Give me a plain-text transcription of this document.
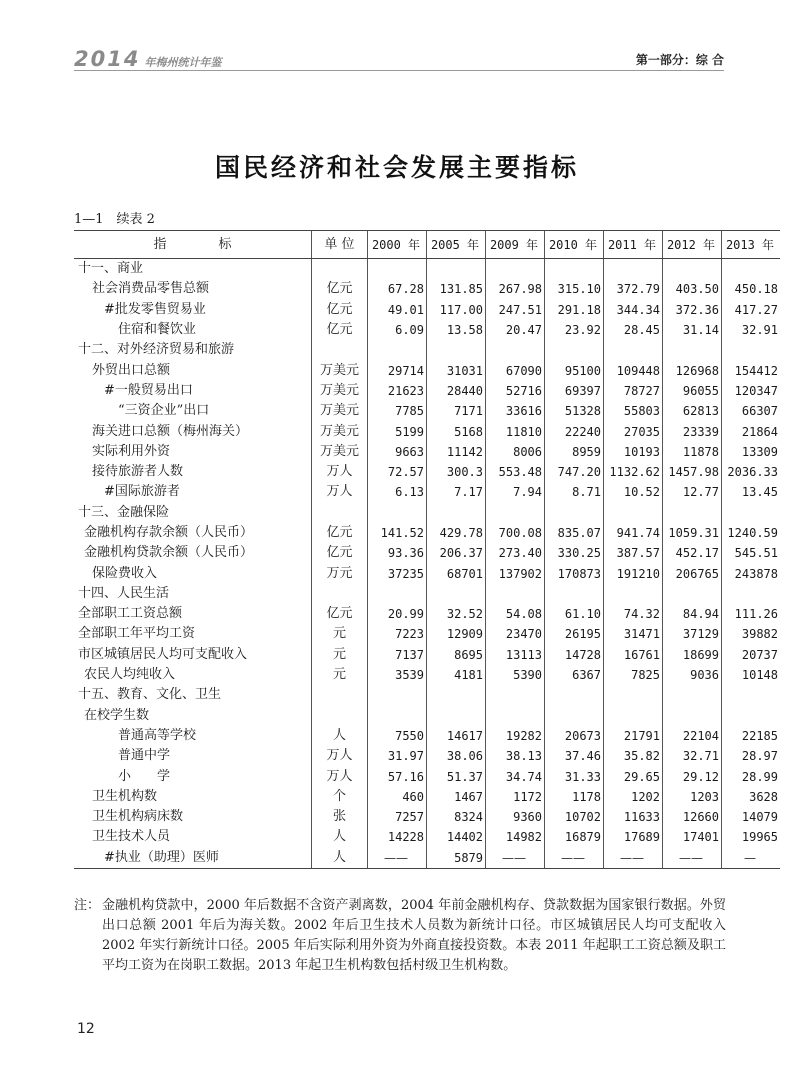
2014 年梅州统计年鉴	第一部分：综 合
国民经济和社会发展主要指标
1—1　续表 2
指　　　　标	单 位	2000 年	2005 年	2009 年	2010 年	2011 年	2012 年	2013 年
十一、商业								
社会消费品零售总额	亿元	67.28	131.85	267.98	315.10	372.79	403.50	450.18
#批发零售贸易业	亿元	49.01	117.00	247.51	291.18	344.34	372.36	417.27
住宿和餐饮业	亿元	6.09	13.58	20.47	23.92	28.45	31.14	32.91
十二、对外经济贸易和旅游								
外贸出口总额	万美元	29714	31031	67090	95100	109448	126968	154412
#一般贸易出口	万美元	21623	28440	52716	69397	78727	96055	120347
“三资企业”出口	万美元	7785	7171	33616	51328	55803	62813	66307
海关进口总额（梅州海关）	万美元	5199	5168	11810	22240	27035	23339	21864
实际利用外资	万美元	9663	11142	8006	8959	10193	11878	13309
接待旅游者人数	万人	72.57	300.3	553.48	747.20	1132.62	1457.98	2036.33
#国际旅游者	万人	6.13	7.17	7.94	8.71	10.52	12.77	13.45
十三、金融保险								
金融机构存款余额（人民币）	亿元	141.52	429.78	700.08	835.07	941.74	1059.31	1240.59
金融机构贷款余额（人民币）	亿元	93.36	206.37	273.40	330.25	387.57	452.17	545.51
保险费收入	万元	37235	68701	137902	170873	191210	206765	243878
十四、人民生活								
全部职工工资总额	亿元	20.99	32.52	54.08	61.10	74.32	84.94	111.26
全部职工年平均工资	元	7223	12909	23470	26195	31471	37129	39882
市区城镇居民人均可支配收入	元	7137	8695	13113	14728	16761	18699	20737
农民人均纯收入	元	3539	4181	5390	6367	7825	9036	10148
十五、教育、文化、卫生								
在校学生数								
普通高等学校	人	7550	14617	19282	20673	21791	22104	22185
普通中学	万人	31.97	38.06	38.13	37.46	35.82	32.71	28.97
小　　学	万人	57.16	51.37	34.74	31.33	29.65	29.12	28.99
卫生机构数	个	460	1467	1172	1178	1202	1203	3628
卫生机构病床数	张	7257	8324	9360	10702	11633	12660	14079
卫生技术人员	人	14228	14402	14982	16879	17689	17401	19965
#执业（助理）医师	人	——	5879	——	——	——	——	—
注： 金融机构贷款中，2000 年后数据不含资产剥离数，2004 年前金融机构存、贷款数据为国家银行数据。外贸出口总额 2001 年后为海关数。2002 年后卫生技术人员数为新统计口径。市区城镇居民人均可支配收入 2002 年实行新统计口径。2005 年后实际利用外资为外商直接投资数。本表 2011 年起职工工资总额及职工平均工资为在岗职工数据。2013 年起卫生机构数包括村级卫生机构数。
12
